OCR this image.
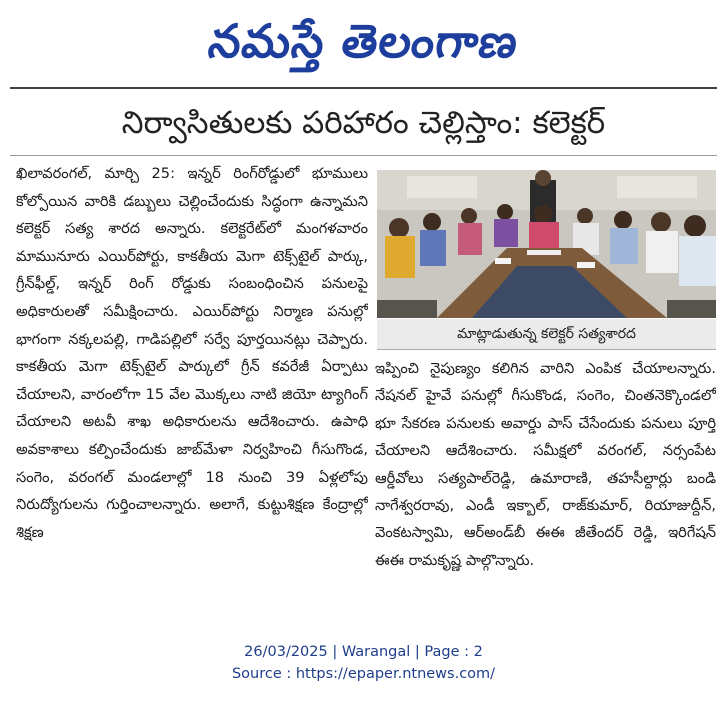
నమస్తే తెలంగాణ
నిర్వాసితులకు పరిహారం చెల్లిస్తాం: కలెక్టర్

ఖిలావరంగల్, మార్చి 25: ఇన్నర్ రింగ్‌రోడ్డులో భూములు కోల్పోయిన వారికి డబ్బులు చెల్లించేందుకు సిద్ధంగా ఉన్నామని కలెక్టర్ సత్య శారద అన్నారు. కలెక్టరేట్‌లో మంగళవారం మామునూరు ఎయిర్‌పోర్టు, కాకతీయ మెగా టెక్స్‌టైల్ పార్కు, గ్రీన్‌ఫీల్డ్, ఇన్నర్ రింగ్ రోడ్డుకు సంబంధించిన పనులపై అధికారులతో సమీక్షించారు. ఎయిర్‌పోర్టు నిర్మాణ పనుల్లో భాగంగా నక్కలపల్లి, గాడిపల్లిలో సర్వే పూర్తయినట్లు చెప్పారు. కాకతీయ మెగా టెక్స్‌టైల్ పార్కులో గ్రీన్ కవరేజీ ఏర్పాటు చేయాలని, వారంలోగా 15 వేల మొక్కలు నాటి జియో ట్యాగింగ్ చేయాలని అటవీ శాఖ అధికారులను ఆదేశించారు. ఉపాధి అవకాశాలు కల్పించేందుకు జాబ్‌మేళా నిర్వహించి గీసుగొండ, సంగెం, వరంగల్ మండలాల్లో 18 నుంచి 39 ఏళ్లలోపు నిరుద్యోగులను గుర్తించాలన్నారు. అలాగే, కుట్టుశిక్షణ కేంద్రాల్లో శిక్షణ

మాట్లాడుతున్న కలెక్టర్ సత్యశారద

ఇప్పించి నైపుణ్యం కలిగిన వారిని ఎంపిక చేయాలన్నారు. నేషనల్ హైవే పనుల్లో గీసుకొండ, సంగెం, చింతనెక్కొండలో భూ సేకరణ పనులకు అవార్డు పాస్ చేసేందుకు పనులు పూర్తి చేయాలని ఆదేశించారు. సమీక్షలో వరంగల్, నర్సంపేట ఆర్డీవోలు సత్యపాల్‌రెడ్డి, ఉమారాణి, తహసీల్దార్లు బండి నాగేశ్వరరావు, ఎండీ ఇక్బాల్, రాజ్‌కుమార్, రియాజుద్దీన్, వెంకటస్వామి, ఆర్‌అండ్‌బీ ఈఈ జీతేందర్ రెడ్డి, ఇరిగేషన్ ఈఈ రామకృష్ణ పాల్గొన్నారు.

26/03/2025 | Warangal | Page : 2
Source : https://epaper.ntnews.com/
